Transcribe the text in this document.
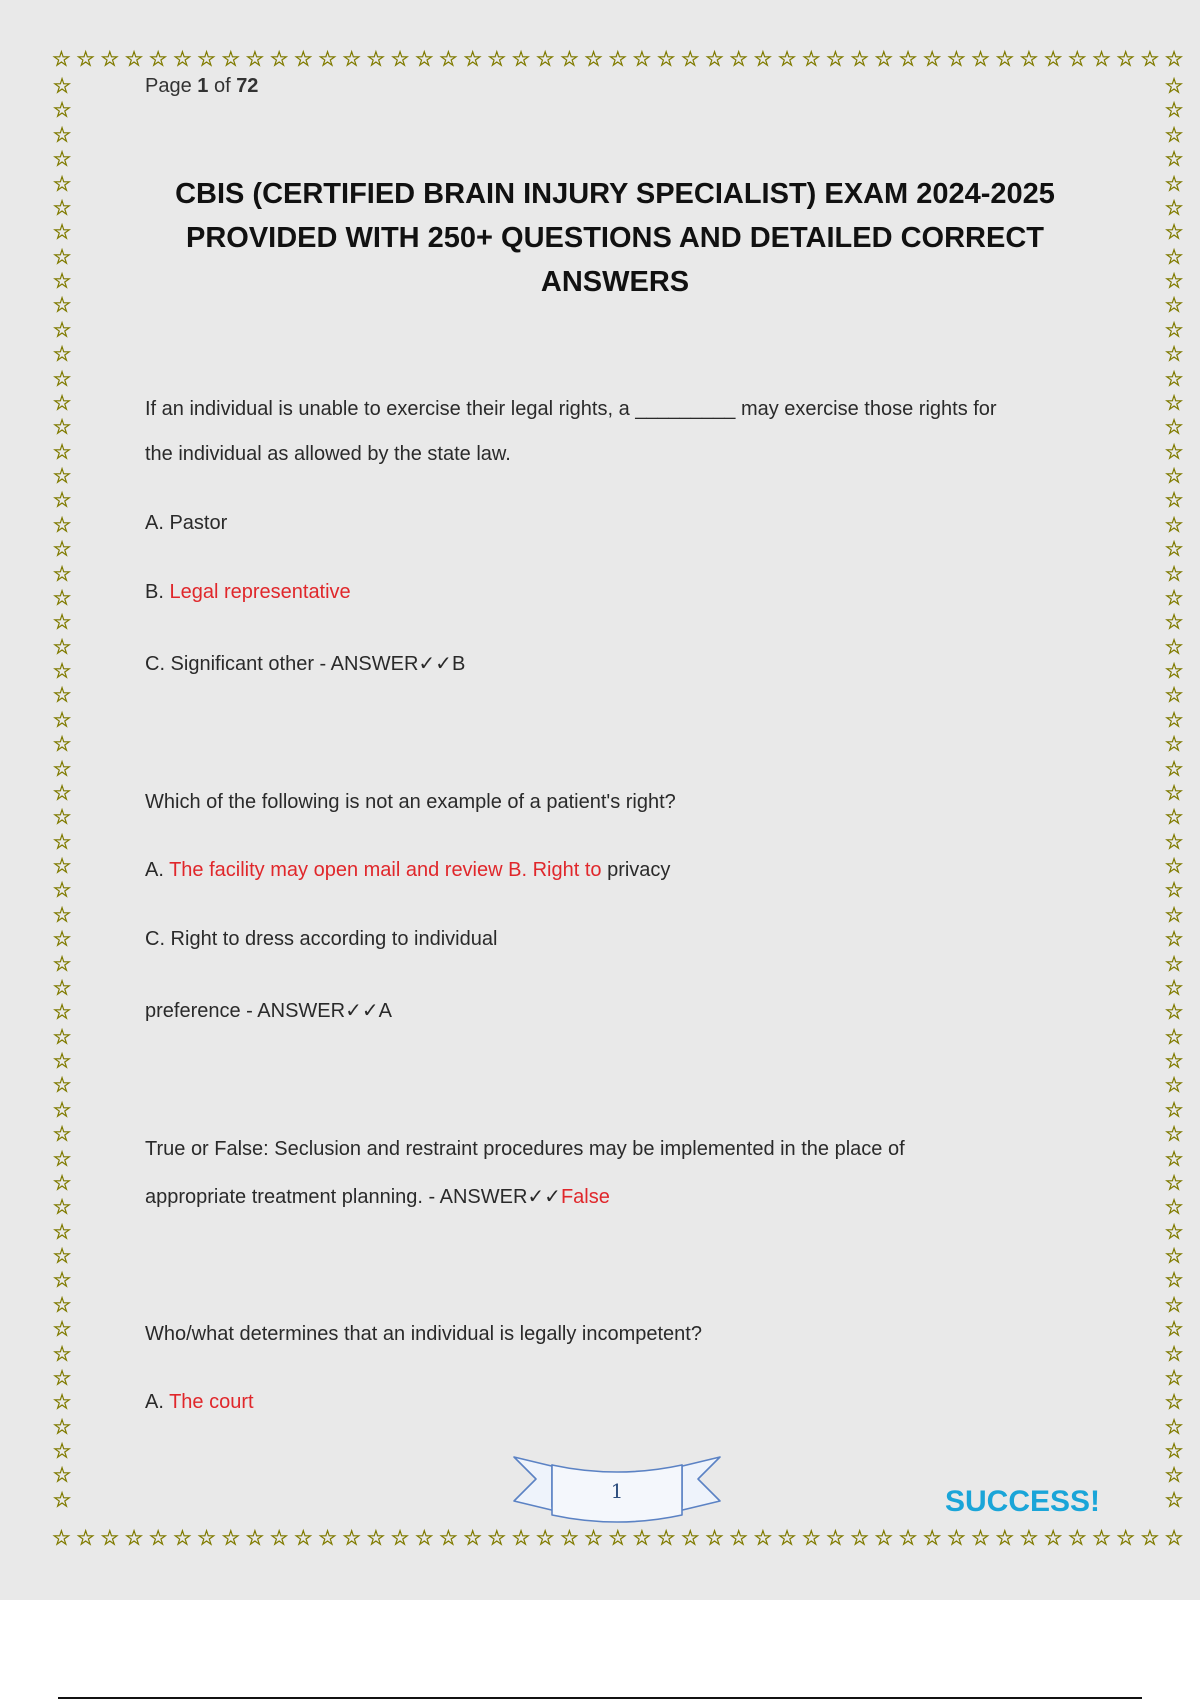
☆ ☆ ☆ ☆ ☆ ☆ ☆ ☆ ☆ ☆ ☆ ☆ ☆ ☆ ☆ ☆ ☆ ☆ ☆ ☆ ☆ ☆ ☆ ☆ ☆ ☆ ☆ ☆ ☆ ☆ ☆ ☆ ☆ ☆ ☆ ☆ ☆ ☆ ☆ ☆ ☆ ☆ ☆ ☆ ☆ ☆ ☆
☆ ☆ ☆ ☆ ☆ ☆ ☆ ☆ ☆ ☆ ☆ ☆ ☆ ☆ ☆ ☆ ☆ ☆ ☆ ☆ ☆ ☆ ☆ ☆ ☆ ☆ ☆ ☆ ☆ ☆ ☆ ☆ ☆ ☆ ☆ ☆ ☆ ☆ ☆ ☆ ☆ ☆ ☆ ☆ ☆ ☆ ☆
☆
☆
☆
☆
☆
☆
☆
☆
☆
☆
☆
☆
☆
☆
☆
☆
☆
☆
☆
☆
☆
☆
☆
☆
☆
☆
☆
☆
☆
☆
☆
☆
☆
☆
☆
☆
☆
☆
☆
☆
☆
☆
☆
☆
☆
☆
☆
☆
☆
☆
☆
☆
☆
☆
☆
☆
☆
☆
☆
☆
☆
☆
☆
☆
☆
☆
☆
☆
☆
☆
☆
☆
☆
☆
☆
☆
☆
☆
☆
☆
☆
☆
☆
☆
☆
☆
☆
☆
☆
☆
☆
☆
☆
☆
☆
☆
☆
☆
☆
☆
☆
☆
☆
☆
☆
☆
☆
☆
☆
☆
☆
☆
☆
☆
☆
☆
☆
☆
Page 1 of 72
CBIS (CERTIFIED BRAIN INJURY SPECIALIST) EXAM 2024-2025
PROVIDED WITH 250+ QUESTIONS AND DETAILED CORRECT
ANSWERS
If an individual is unable to exercise their legal rights, a _________ may exercise those rights for
the individual as allowed by the state law.
A. Pastor
B. Legal representative
C. Significant other - ANSWER✓✓B
Which of the following is not an example of a patient's right?
A. The facility may open mail and review B. Right to privacy
C. Right to dress according to individual
preference - ANSWER✓✓A
True or False: Seclusion and restraint procedures may be implemented in the place of
appropriate treatment planning. - ANSWER✓✓False
Who/what determines that an individual is legally incompetent?
A. The court
1	SUCCESS!
